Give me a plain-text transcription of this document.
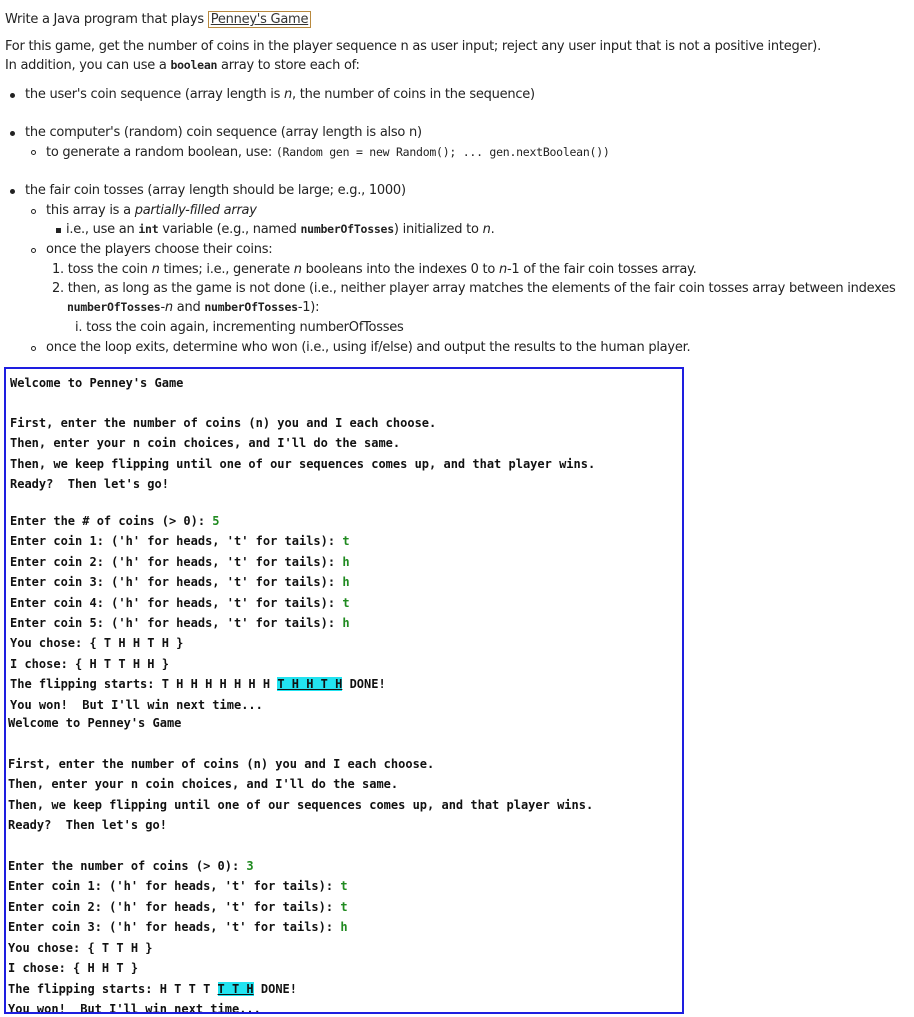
Write a Java program that plays Penney's Game
For this game, get the number of coins in the player sequence n as user input; reject any user input that is not a positive integer).
In addition, you can use a boolean array to store each of:
the user's coin sequence (array length is n, the number of coins in the sequence)
the computer's (random) coin sequence (array length is also n)
to generate a random boolean, use: (Random gen = new Random(); ... gen.nextBoolean())
the fair coin tosses (array length should be large; e.g., 1000)
this array is a partially-filled array
i.e., use an int variable (e.g., named numberOfTosses) initialized to n.
once the players choose their coins:
1. toss the coin n times; i.e., generate n booleans into the indexes 0 to n-1 of the fair coin tosses array.
2. then, as long as the game is not done (i.e., neither player array matches the elements of the fair coin tosses array between indexes
numberOfTosses-n and numberOfTosses-1):
i. toss the coin again, incrementing numberOfTosses
once the loop exits, determine who won (i.e., using if/else) and output the results to the human player.
Welcome to Penney's Game
First, enter the number of coins (n) you and I each choose.
Then, enter your n coin choices, and I'll do the same.
Then, we keep flipping until one of our sequences comes up, and that player wins.
Ready?  Then let's go!
Enter the # of coins (> 0): 5
Enter coin 1: ('h' for heads, 't' for tails): t
Enter coin 2: ('h' for heads, 't' for tails): h
Enter coin 3: ('h' for heads, 't' for tails): h
Enter coin 4: ('h' for heads, 't' for tails): t
Enter coin 5: ('h' for heads, 't' for tails): h
You chose: { T H H T H }
I chose: { H T T H H }
The flipping starts: T H H H H H H H T H H T H DONE!
You won!  But I'll win next time...
Welcome to Penney's Game
First, enter the number of coins (n) you and I each choose.
Then, enter your n coin choices, and I'll do the same.
Then, we keep flipping until one of our sequences comes up, and that player wins.
Ready?  Then let's go!
Enter the number of coins (> 0): 3
Enter coin 1: ('h' for heads, 't' for tails): t
Enter coin 2: ('h' for heads, 't' for tails): t
Enter coin 3: ('h' for heads, 't' for tails): h
You chose: { T T H }
I chose: { H H T }
The flipping starts: H T T T T T H DONE!
You won!  But I'll win next time...
